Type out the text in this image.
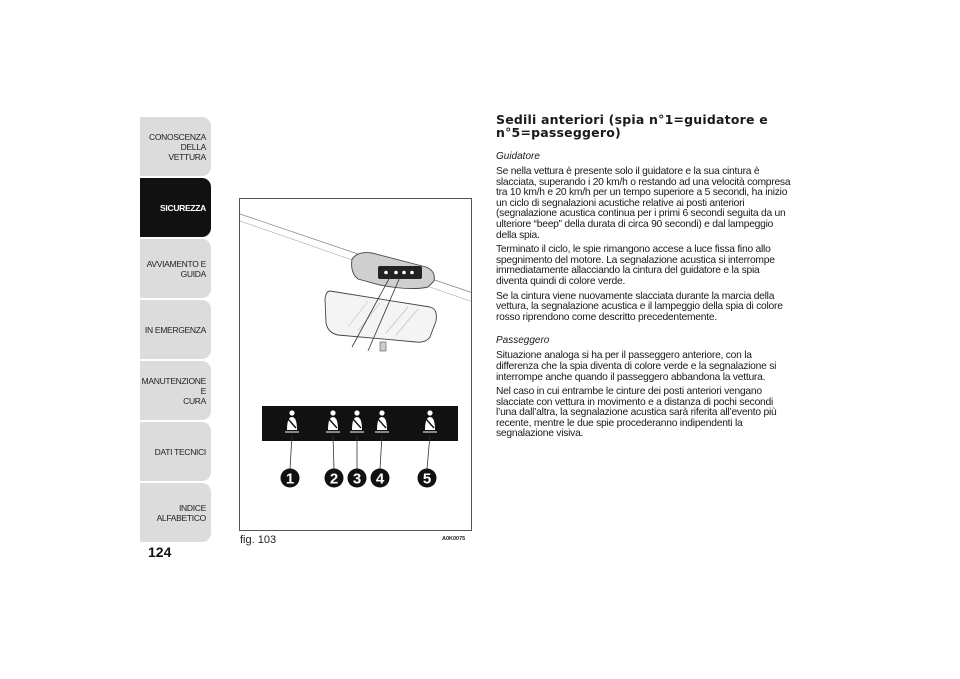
CONOSCENZA
DELLA VETTURA
SICUREZZA
AVVIAMENTO E
GUIDA
IN EMERGENZA
MANUTENZIONE E
CURA
DATI TECNICI
INDICE ALFABETICO
124
1 2 3 4	5
fig. 103	A0K0075
Sedili anteriori (spia n°1=guidatore e n°5=passeggero)

Guidatore

Se nella vettura è presente solo il guidatore e la sua cintura è slacciata, superando i 20 km/h o restando ad una velocità compresa tra 10 km/h e 20 km/h per un tempo superiore a 5 secondi, ha inizio un ciclo di segnalazioni acustiche relative ai posti anteriori (segnalazione acustica continua per i primi 6 secondi seguita da un ulteriore “beep” della durata di circa 90 secondi) e dal lampeggio della spia.

Terminato il ciclo, le spie rimangono accese a luce fissa fino allo spegnimento del motore. La segnalazione acustica si interrompe immediatamente allacciando la cintura del guidatore e la spia diventa quindi di colore verde.

Se la cintura viene nuovamente slacciata durante la marcia della vettura, la segnalazione acustica e il lampeggio della spia di colore rosso riprendono come descritto precedentemente.

Passeggero

Situazione analoga si ha per il passeggero anteriore, con la differenza che la spia diventa di colore verde e la segnalazione si interrompe anche quando il passeggero abbandona la vettura.

Nel caso in cui entrambe le cinture dei posti anteriori vengano slacciate con vettura in movimento e a distanza di pochi secondi l’una dall’altra, la segnalazione acustica sarà riferita all’evento più recente, mentre le due spie procederanno indipendenti la segnalazione visiva.
